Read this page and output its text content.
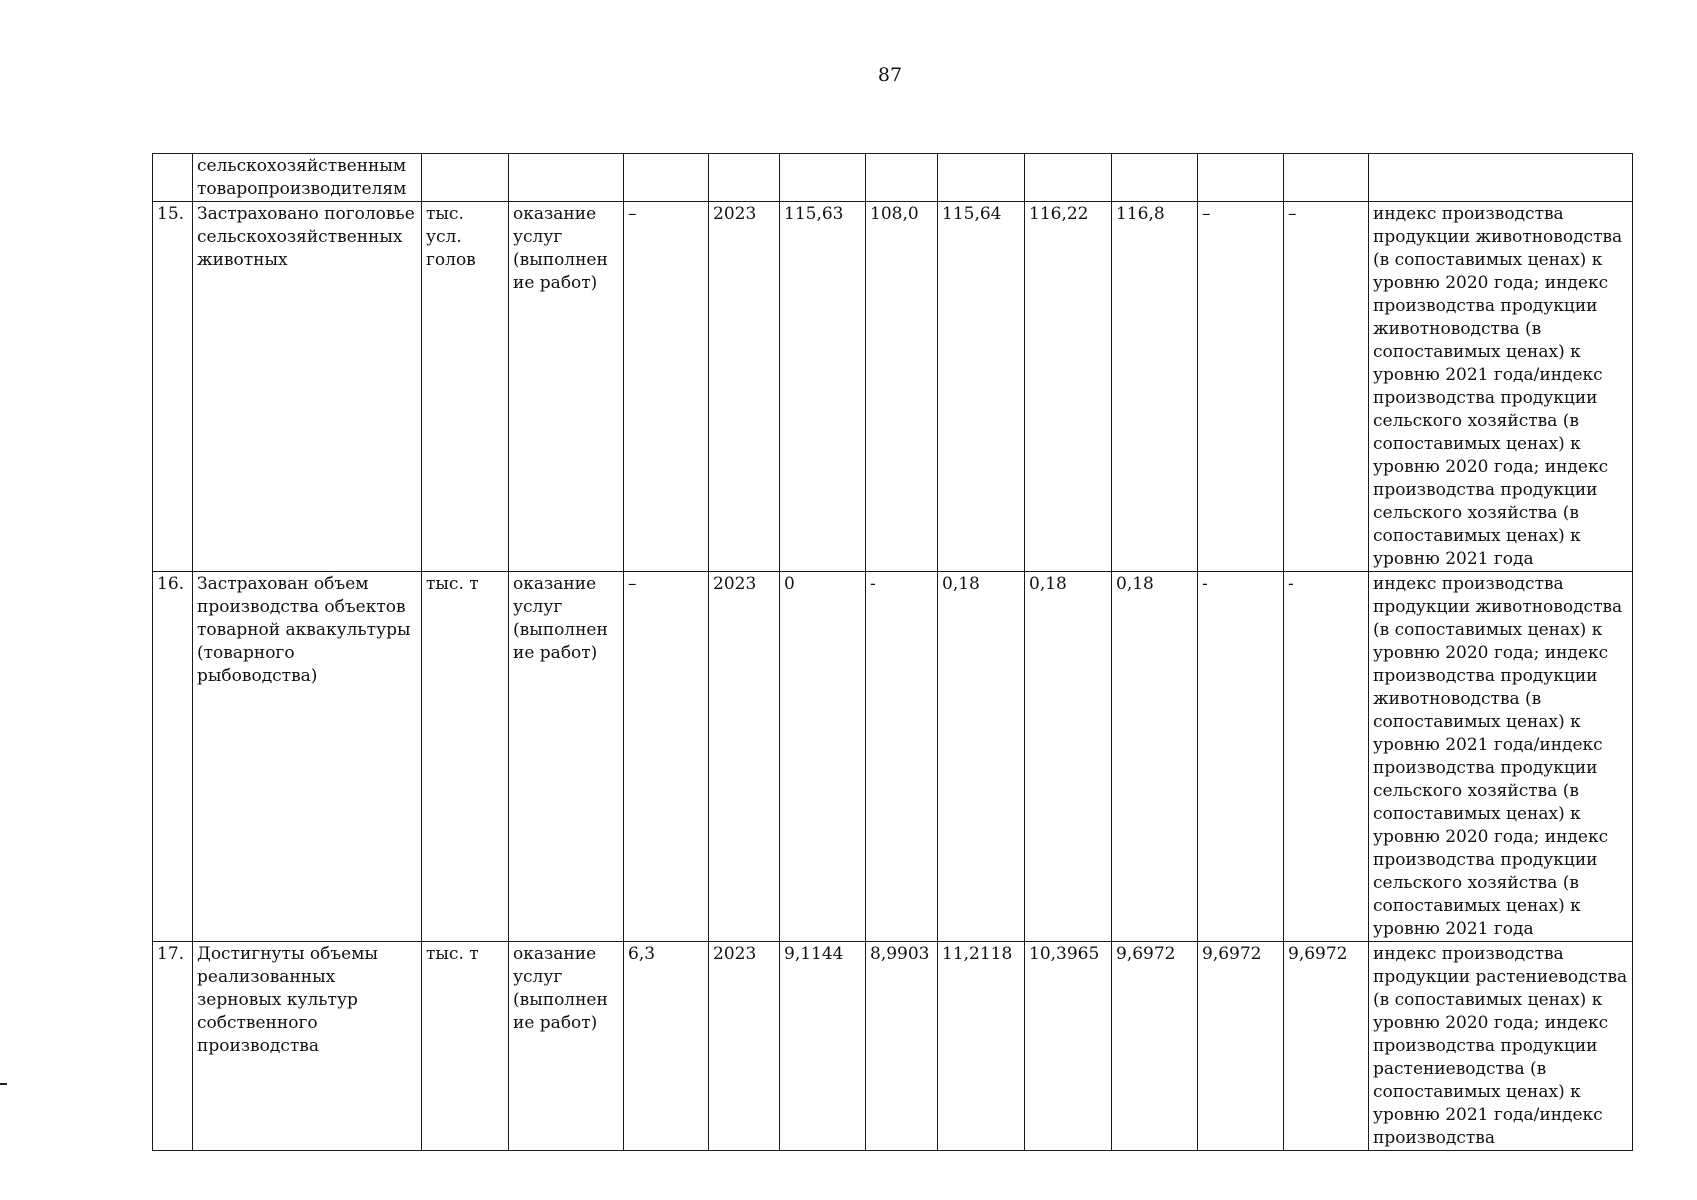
87
	сельскохозяйственным товаропроизводителям												
15.	Застраховано поголовье сельскохозяйственных животных	тыс. усл. голов	оказание услуг (выполнение работ)	–	2023	115,63	108,0	115,64	116,22	116,8	–	–	индекс производства продукции животноводства (в сопоставимых ценах) к уровню 2020 года; индекс производства продукции животноводства (в сопоставимых ценах) к уровню 2021 года/индекс производства продукции сельского хозяйства (в сопоставимых ценах) к уровню 2020 года; индекс производства продукции сельского хозяйства (в сопоставимых ценах) к уровню 2021 года
16.	Застрахован объем производства объектов товарной аквакультуры (товарного рыбоводства)	тыс. т	оказание услуг (выполнение работ)	–	2023	0	-	0,18	0,18	0,18	-	-	индекс производства продукции животноводства (в сопоставимых ценах) к уровню 2020 года; индекс производства продукции животноводства (в сопоставимых ценах) к уровню 2021 года/индекс производства продукции сельского хозяйства (в сопоставимых ценах) к уровню 2020 года; индекс производства продукции сельского хозяйства (в сопоставимых ценах) к уровню 2021 года
17.	Достигнуты объемы реализованных зерновых культур собственного производства	тыс. т	оказание услуг (выполнение работ)	6,3	2023	9,1144	8,9903	11,2118	10,3965	9,6972	9,6972	9,6972	индекс производства продукции растениеводства (в сопоставимых ценах) к уровню 2020 года; индекс производства продукции растениеводства (в сопоставимых ценах) к уровню 2021 года/индекс производства
